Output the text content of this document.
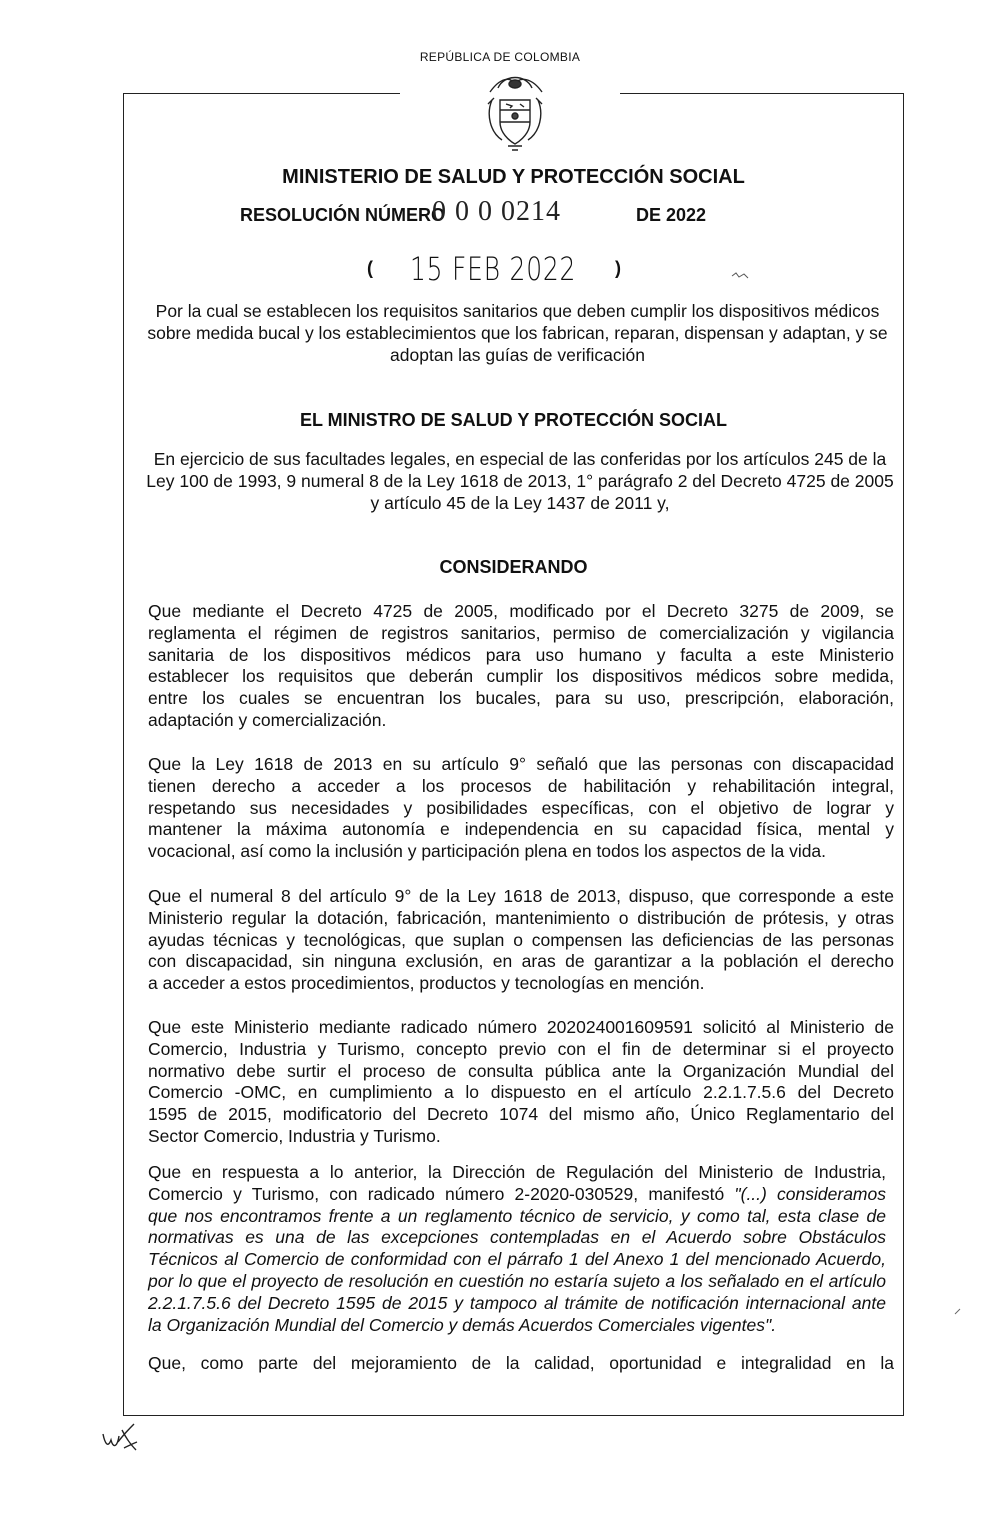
REPÚBLICA DE COLOMBIA
MINISTERIO DE SALUD Y PROTECCIÓN SOCIAL
RESOLUCIÓN NÚMERO
0 0 0 0214	DE 2022
( 15 FEB 2022 )
Por la cual se establecen los requisitos sanitarios que deben cumplir los dispositivos médicos sobre medida bucal y los establecimientos que los fabrican, reparan, dispensan y adaptan, y se adoptan las guías de verificación
EL MINISTRO DE SALUD Y PROTECCIÓN SOCIAL
En ejercicio de sus facultades legales, en especial de las conferidas por los artículos 245 de la Ley 100 de 1993, 9 numeral 8 de la Ley 1618 de 2013, 1° parágrafo 2 del Decreto 4725 de 2005 y artículo 45 de la Ley 1437 de 2011 y,
CONSIDERANDO
Que mediante el Decreto 4725 de 2005, modificado por el Decreto 3275 de 2009, se
reglamenta el régimen de registros sanitarios, permiso de comercialización y vigilancia
sanitaria de los dispositivos médicos para uso humano y faculta a este Ministerio
establecer los requisitos que deberán cumplir los dispositivos médicos sobre medida,
entre los cuales se encuentran los bucales, para su uso, prescripción, elaboración,
adaptación y comercialización.
Que la Ley 1618 de 2013 en su artículo 9° señaló que las personas con discapacidad
tienen derecho a acceder a los procesos de habilitación y rehabilitación integral,
respetando sus necesidades y posibilidades específicas, con el objetivo de lograr y
mantener la máxima autonomía e independencia en su capacidad física, mental y
vocacional, así como la inclusión y participación plena en todos los aspectos de la vida.
Que el numeral 8 del artículo 9° de la Ley 1618 de 2013, dispuso, que corresponde a este
Ministerio regular la dotación, fabricación, mantenimiento o distribución de prótesis, y otras
ayudas técnicas y tecnológicas, que suplan o compensen las deficiencias de las personas
con discapacidad, sin ninguna exclusión, en aras de garantizar a la población el derecho
a acceder a estos procedimientos, productos y tecnologías en mención.
Que este Ministerio mediante radicado número 202024001609591 solicitó al Ministerio de
Comercio, Industria y Turismo, concepto previo con el fin de determinar si el proyecto
normativo debe surtir el proceso de consulta pública ante la Organización Mundial del
Comercio -OMC, en cumplimiento a lo dispuesto en el artículo 2.2.1.7.5.6 del Decreto
1595 de 2015, modificatorio del Decreto 1074 del mismo año, Único Reglamentario del
Sector Comercio, Industria y Turismo.
Que en respuesta a lo anterior, la Dirección de Regulación del Ministerio de Industria,
Comercio y Turismo, con radicado número 2-2020-030529, manifestó "(...) consideramos
que nos encontramos frente a un reglamento técnico de servicio, y como tal, esta clase de
normativas es una de las excepciones contempladas en el Acuerdo sobre Obstáculos
Técnicos al Comercio de conformidad con el párrafo 1 del Anexo 1 del mencionado Acuerdo,
por lo que el proyecto de resolución en cuestión no estaría sujeto a los señalado en el artículo
2.2.1.7.5.6 del Decreto 1595 de 2015 y tampoco al trámite de notificación internacional ante
la Organización Mundial del Comercio y demás Acuerdos Comerciales vigentes".
Que, como parte del mejoramiento de la calidad, oportunidad e integralidad en la
